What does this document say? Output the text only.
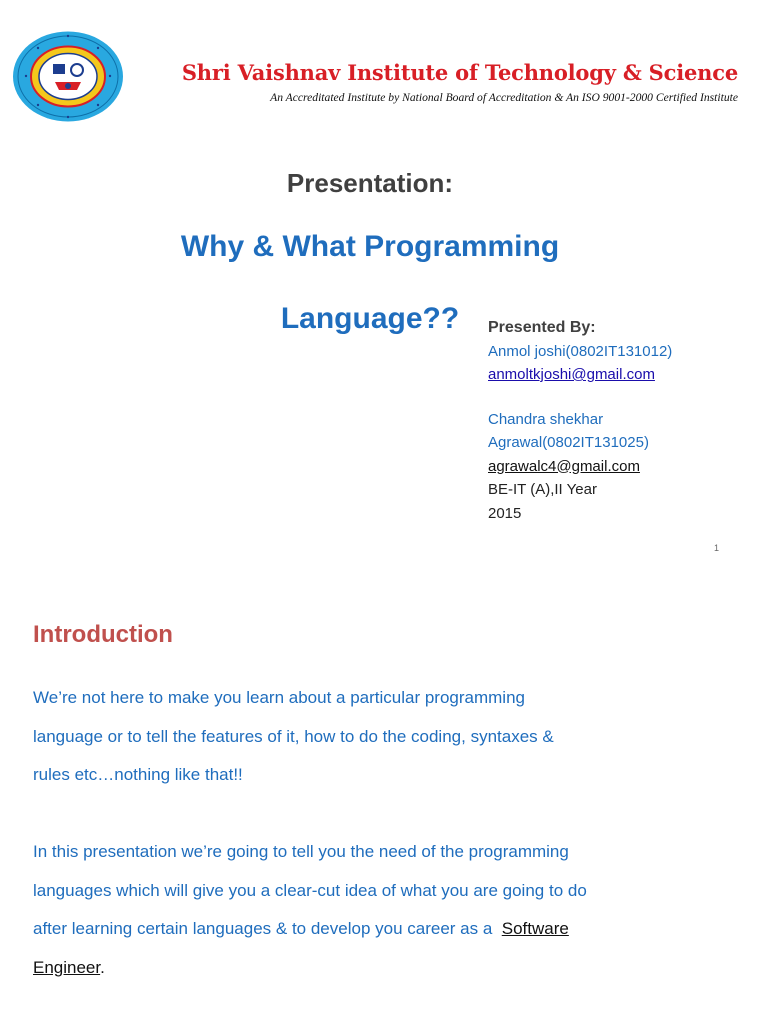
Shri Vaishnav Institute of Technology & Science
An Accreditated Institute by National Board of Accreditation & An ISO 9001-2000 Certified Institute
Presentation:
Why & What Programming
Language??	Presented By:
Anmol joshi(0802IT131012)
anmoltkjoshi@gmail.com
Chandra shekhar
Agrawal(0802IT131025)
agrawalc4@gmail.com
BE-IT (A),II Year
2015
1
Introduction
We’re not here to make you learn about a particular programming
language or to tell the features of it, how to do the coding, syntaxes &
rules etc…nothing like that!!
In this presentation we’re going to tell you the need of the programming
languages which will give you a clear-cut idea of what you are going to do
after learning certain languages & to develop you career as a Software
Engineer.
